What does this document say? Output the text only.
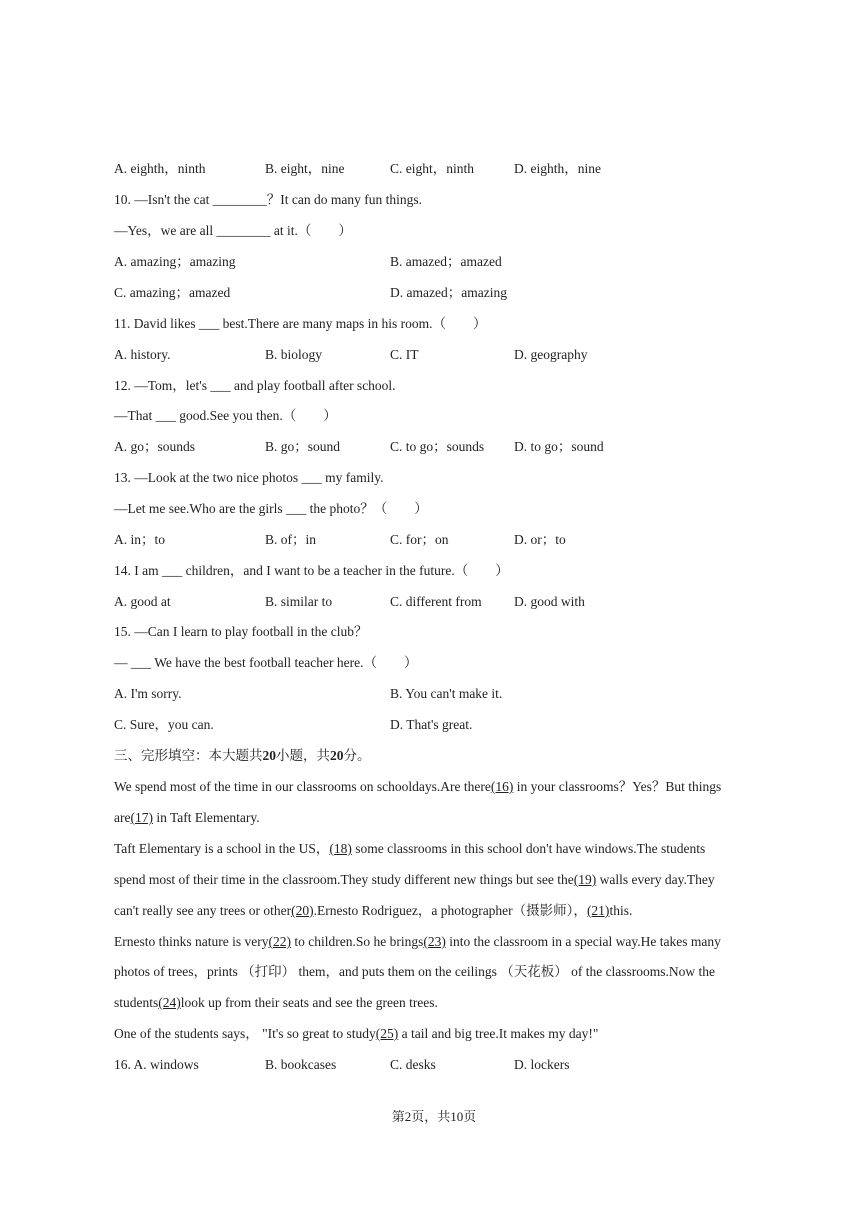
A. eighth，ninth	B. eight，nine	C. eight，ninth	D. eighth，nine
10. —Isn't the cat ________？It can do many fun things.
—Yes，we are all ________ at it.（　　）
A. amazing；amazing	B. amazed；amazed
C. amazing；amazed	D. amazed；amazing
11. David likes ___ best.There are many maps in his room.（　　）
A. history.	B. biology	C. IT	D. geography
12. —Tom，let's ___ and play football after school.
—That ___ good.See you then.（　　）
A. go；sounds	B. go；sound	C. to go；sounds D. to go；sound
13. —Look at the two nice photos ___ my family.
—Let me see.Who are the girls ___ the photo？（　　）
A. in；to	B. of；in	C. for；on	D. or；to
14. I am ___ children，and I want to be a teacher in the future.（　　）
A. good at	B. similar to	C. different from D. good with
15. —Can I learn to play football in the club？
— ___ We have the best football teacher here.（　　）
A. I'm sorry.	B. You can't make it.
C. Sure，you can.	D. That's great.
三、完形填空：本大题共20小题，共20分。
We spend most of the time in our classrooms on schooldays.Are there(16) in your classrooms？Yes？But things
are(17) in Taft Elementary.
Taft Elementary is a school in the US，(18) some classrooms in this school don't have windows.The students
spend most of their time in the classroom.They study different new things but see the(19) walls every day.They
can't really see any trees or other(20).Ernesto Rodriguez，a photographer（摄影师），(21)this.
Ernesto thinks nature is very(22) to children.So he brings(23) into the classroom in a special way.He takes many
photos of trees，prints （打印） them，and puts them on the ceilings （天花板） of the classrooms.Now the
students(24)look up from their seats and see the green trees.
One of the students says， "It's so great to study(25) a tail and big tree.It makes my day!"
16. A. windows	B. bookcases	C. desks	D. lockers
第2页，共10页
